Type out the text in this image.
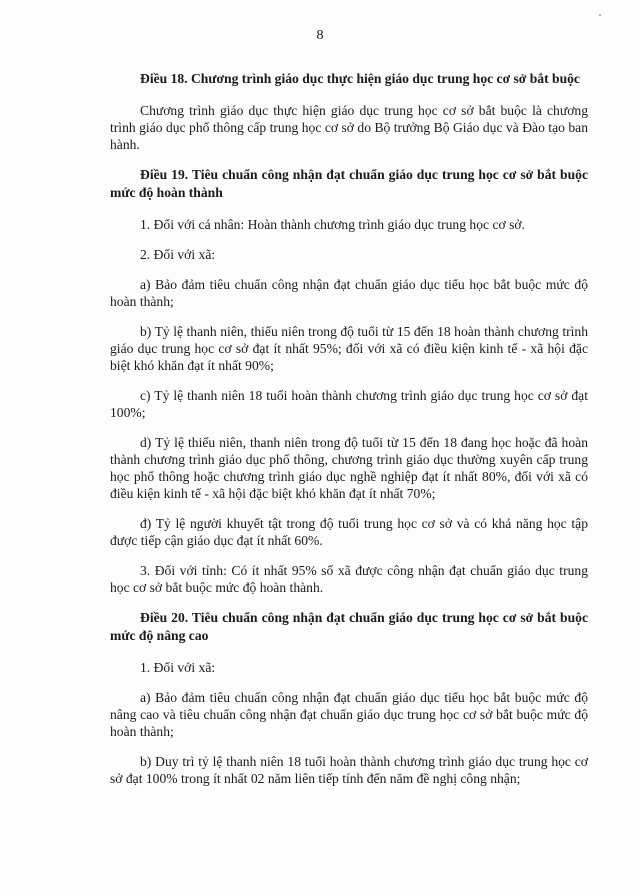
8
Điều 18. Chương trình giáo dục thực hiện giáo dục trung học cơ sở bắt buộc
Chương trình giáo dục thực hiện giáo dục trung học cơ sở bắt buộc là chương trình giáo dục phổ thông cấp trung học cơ sở do Bộ trưởng Bộ Giáo dục và Đào tạo ban hành.
Điều 19. Tiêu chuẩn công nhận đạt chuẩn giáo dục trung học cơ sở bắt buộc mức độ hoàn thành
1. Đối với cá nhân: Hoàn thành chương trình giáo dục trung học cơ sở.
2. Đối với xã:
a) Bảo đảm tiêu chuẩn công nhận đạt chuẩn giáo dục tiểu học bắt buộc mức độ hoàn thành;
b) Tỷ lệ thanh niên, thiếu niên trong độ tuổi từ 15 đến 18 hoàn thành chương trình giáo dục trung học cơ sở đạt ít nhất 95%; đối với xã có điều kiện kinh tế - xã hội đặc biệt khó khăn đạt ít nhất 90%;
c) Tỷ lệ thanh niên 18 tuổi hoàn thành chương trình giáo dục trung học cơ sở đạt 100%;
d) Tỷ lệ thiếu niên, thanh niên trong độ tuổi từ 15 đến 18 đang học hoặc đã hoàn thành chương trình giáo dục phổ thông, chương trình giáo dục thường xuyên cấp trung học phổ thông hoặc chương trình giáo dục nghề nghiệp đạt ít nhất 80%, đối với xã có điều kiện kinh tế - xã hội đặc biệt khó khăn đạt ít nhất 70%;
đ) Tỷ lệ người khuyết tật trong độ tuổi trung học cơ sở và có khả năng học tập được tiếp cận giáo dục đạt ít nhất 60%.
3. Đối với tỉnh: Có ít nhất 95% số xã được công nhận đạt chuẩn giáo dục trung học cơ sở bắt buộc mức độ hoàn thành.
Điều 20. Tiêu chuẩn công nhận đạt chuẩn giáo dục trung học cơ sở bắt buộc mức độ nâng cao
1. Đối với xã:
a) Bảo đảm tiêu chuẩn công nhận đạt chuẩn giáo dục tiểu học bắt buộc mức độ nâng cao và tiêu chuẩn công nhận đạt chuẩn giáo dục trung học cơ sở bắt buộc mức độ hoàn thành;
b) Duy trì tỷ lệ thanh niên 18 tuổi hoàn thành chương trình giáo dục trung học cơ sở đạt 100% trong ít nhất 02 năm liên tiếp tính đến năm đề nghị công nhận;
